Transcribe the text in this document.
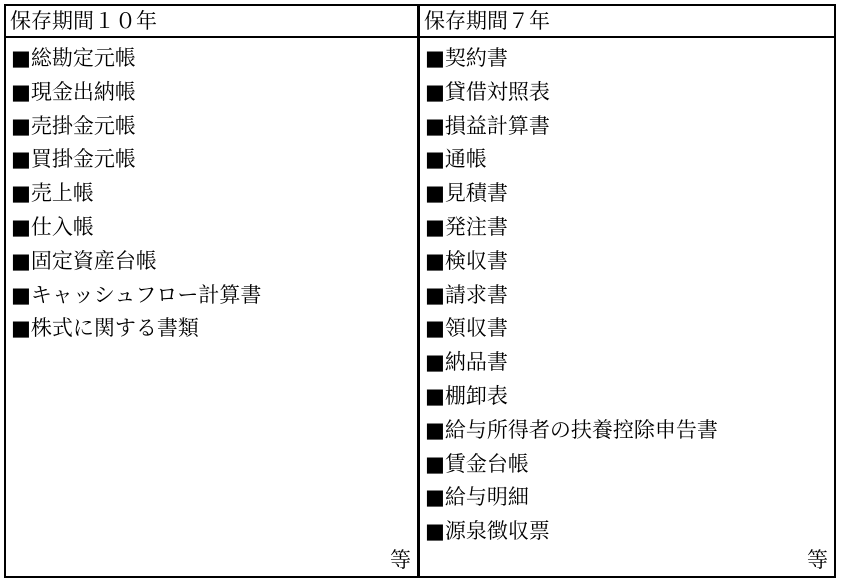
保存期間１０年	保存期間７年
■総勘定元帳
■現金出納帳
■売掛金元帳
■買掛金元帳
■売上帳
■仕入帳
■固定資産台帳
■キャッシュフロー計算書
■株式に関する書類
等
■契約書
■貸借対照表
■損益計算書
■通帳
■見積書
■発注書
■検収書
■請求書
■領収書
■納品書
■棚卸表
■給与所得者の扶養控除申告書
■賃金台帳
■給与明細
■源泉徴収票
等
